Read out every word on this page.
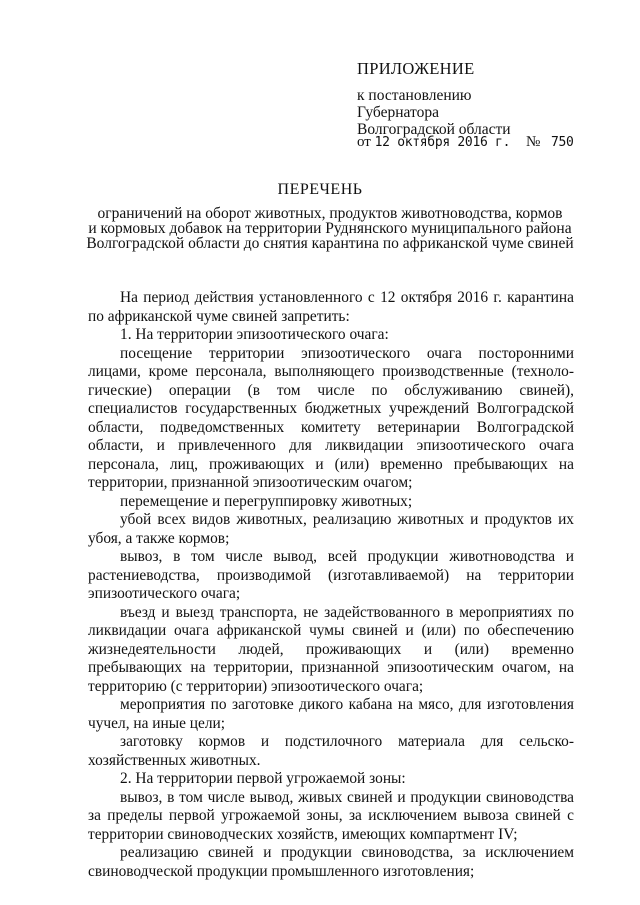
ПРИЛОЖЕНИЕ
к постановлению
Губернатора
Волгоградской области
от 12 октября 2016 г. № 750
ПЕРЕЧЕНЬ
ограничений на оборот животных, продуктов животноводства, кормов
и кормовых добавок на территории Руднянского муниципального района
Волгоградской области до снятия карантина по африканской чуме свиней

На период действия установленного с 12 октября 2016 г. карантина по африканской чуме свиней запретить:

1. На территории эпизоотического очага:

посещение территории эпизоотического очага посторонними лицами, кроме персонала, выполняющего производственные (техноло-гические) операции (в том числе по обслуживанию свиней), специалистов государственных бюджетных учреждений Волгоградской области, подведомственных комитету ветеринарии Волгоградской области, и привлеченного для ликвидации эпизоотического очага персонала, лиц, проживающих и (или) временно пребывающих на территории, признанной эпизоотическим очагом;

перемещение и перегруппировку животных;

убой всех видов животных, реализацию животных и продуктов их убоя, а также кормов;

вывоз, в том числе вывод, всей продукции животноводства и растениеводства, производимой (изготавливаемой) на территории эпизоотического очага;

въезд и выезд транспорта, не задействованного в мероприятиях по ликвидации очага африканской чумы свиней и (или) по обеспечению жизнедеятельности людей, проживающих и (или) временно пребывающих на территории, признанной эпизоотическим очагом, на территорию (с территории) эпизоотического очага;

мероприятия по заготовке дикого кабана на мясо, для изготовления чучел, на иные цели;

заготовку кормов и подстилочного материала для сельско-хозяйственных животных.

2. На территории первой угрожаемой зоны:

вывоз, в том числе вывод, живых свиней и продукции свиноводства за пределы первой угрожаемой зоны, за исключением вывоза свиней с территории свиноводческих хозяйств, имеющих компартмент IV;

реализацию свиней и продукции свиноводства, за исключением свиноводческой продукции промышленного изготовления;
